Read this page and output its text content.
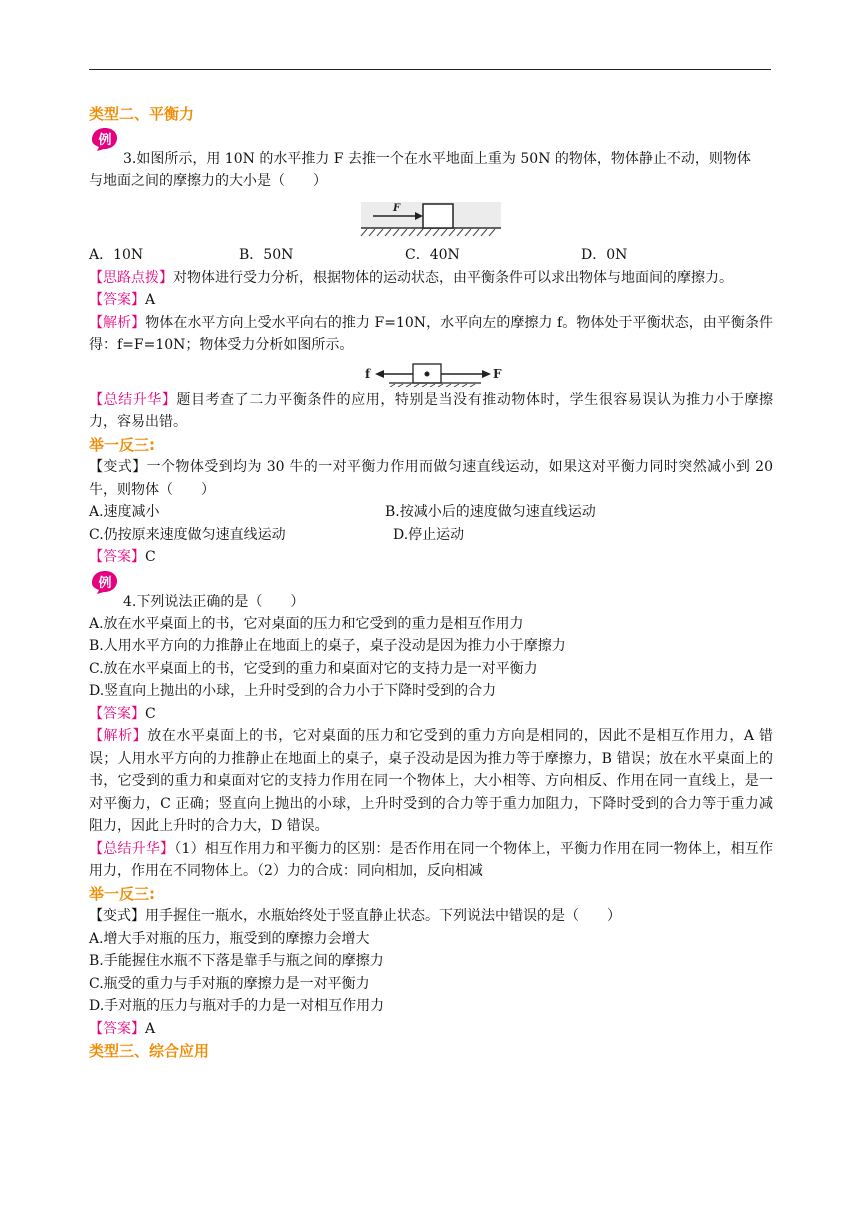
类型二、平衡力
例
3.如图所示，用 10N 的水平推力 F 去推一个在水平地面上重为 50N 的物体，物体静止不动，则物体
与地面之间的摩擦力的大小是（　　）
F
A．10N	B．50N	C．40N	D．0N
【思路点拨】对物体进行受力分析，根据物体的运动状态，由平衡条件可以求出物体与地面间的摩擦力。
【答案】A
【解析】物体在水平方向上受水平向右的推力 F=10N，水平向左的摩擦力 f。物体处于平衡状态，由平衡条件得：f=F=10N；物体受力分析如图所示。
f	F
【总结升华】题目考查了二力平衡条件的应用，特别是当没有推动物体时，学生很容易误认为推力小于摩擦力，容易出错。
举一反三:
【变式】一个物体受到均为 30 牛的一对平衡力作用而做匀速直线运动，如果这对平衡力同时突然减小到 20 牛，则物体（　　）
A.速度减小	B.按减小后的速度做匀速直线运动
C.仍按原来速度做匀速直线运动	D.停止运动
【答案】C
例
4.下列说法正确的是（　　）
A.放在水平桌面上的书，它对桌面的压力和它受到的重力是相互作用力
B.人用水平方向的力推静止在地面上的桌子，桌子没动是因为推力小于摩擦力
C.放在水平桌面上的书，它受到的重力和桌面对它的支持力是一对平衡力
D.竖直向上抛出的小球，上升时受到的合力小于下降时受到的合力
【答案】C
【解析】放在水平桌面上的书，它对桌面的压力和它受到的重力方向是相同的，因此不是相互作用力，A 错误；人用水平方向的力推静止在地面上的桌子，桌子没动是因为推力等于摩擦力，B 错误；放在水平桌面上的书，它受到的重力和桌面对它的支持力作用在同一个物体上，大小相等、方向相反、作用在同一直线上，是一对平衡力，C 正确；竖直向上抛出的小球，上升时受到的合力等于重力加阻力，下降时受到的合力等于重力减阻力，因此上升时的合力大，D 错误。
【总结升华】（1）相互作用力和平衡力的区别：是否作用在同一个物体上，平衡力作用在同一物体上，相互作用力，作用在不同物体上。（2）力的合成：同向相加，反向相减
举一反三:
【变式】用手握住一瓶水，水瓶始终处于竖直静止状态。下列说法中错误的是（　　）
A.增大手对瓶的压力，瓶受到的摩擦力会增大
B.手能握住水瓶不下落是靠手与瓶之间的摩擦力
C.瓶受的重力与手对瓶的摩擦力是一对平衡力
D.手对瓶的压力与瓶对手的力是一对相互作用力
【答案】A
类型三、综合应用
